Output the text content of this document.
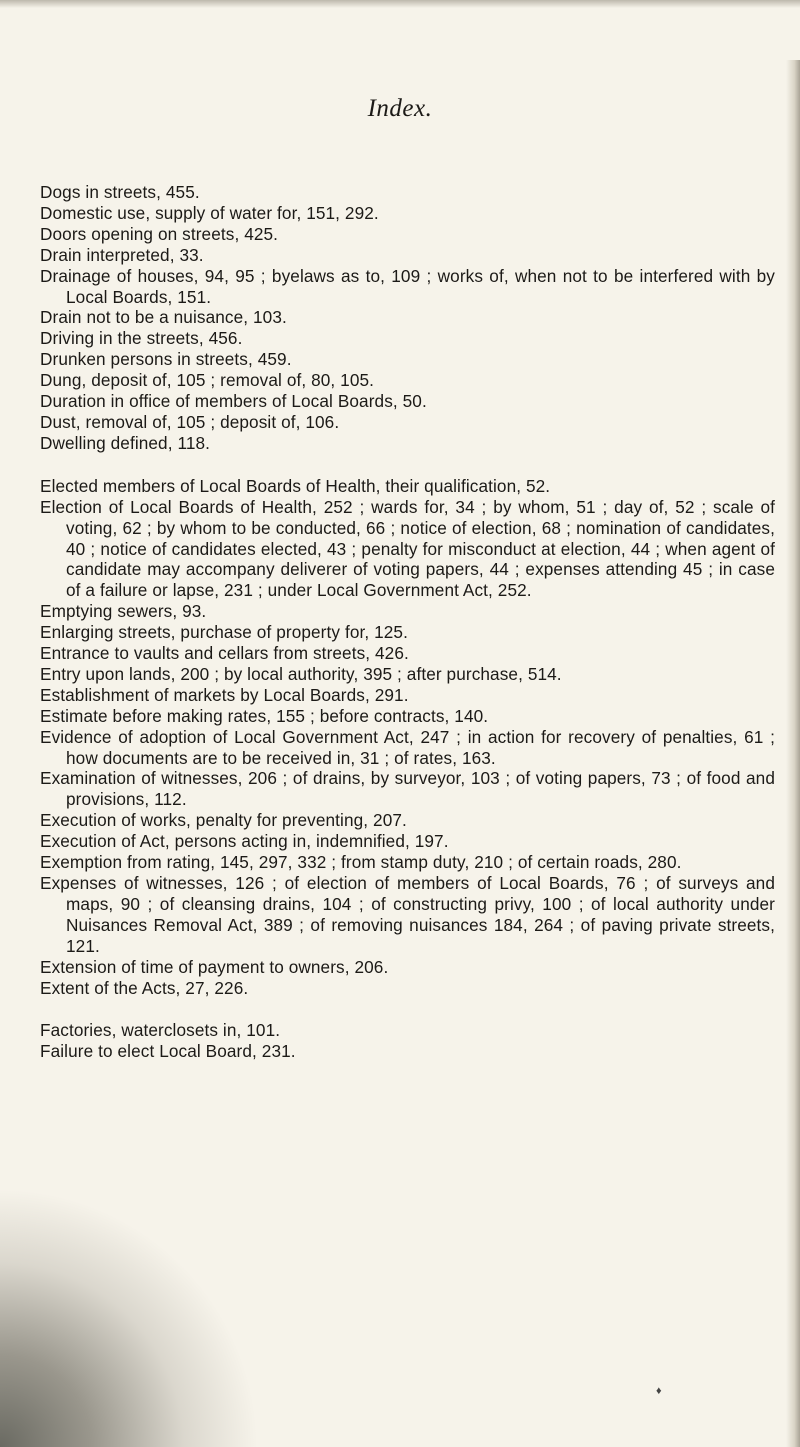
Index.
Dogs in streets, 455.
Domestic use, supply of water for, 151, 292.
Doors opening on streets, 425.
Drain interpreted, 33.
Drainage of houses, 94, 95 ; byelaws as to, 109 ; works of, when not to be interfered with by Local Boards, 151.
Drain not to be a nuisance, 103.
Driving in the streets, 456.
Drunken persons in streets, 459.
Dung, deposit of, 105 ; removal of, 80, 105.
Duration in office of members of Local Boards, 50.
Dust, removal of, 105 ; deposit of, 106.
Dwelling defined, 118.
Elected members of Local Boards of Health, their qualification, 52.
Election of Local Boards of Health, 252 ; wards for, 34 ; by whom, 51 ; day of, 52 ; scale of voting, 62 ; by whom to be conducted, 66 ; notice of election, 68 ; nomination of candidates, 40 ; notice of candidates elected, 43 ; penalty for misconduct at election, 44 ; when agent of candidate may accompany deliverer of voting papers, 44 ; expenses attending 45 ; in case of a failure or lapse, 231 ; under Local Government Act, 252.
Emptying sewers, 93.
Enlarging streets, purchase of property for, 125.
Entrance to vaults and cellars from streets, 426.
Entry upon lands, 200 ; by local authority, 395 ; after purchase, 514.
Establishment of markets by Local Boards, 291.
Estimate before making rates, 155 ; before contracts, 140.
Evidence of adoption of Local Government Act, 247 ; in action for recovery of penalties, 61 ; how documents are to be received in, 31 ; of rates, 163.
Examination of witnesses, 206 ; of drains, by surveyor, 103 ; of voting papers, 73 ; of food and provisions, 112.
Execution of works, penalty for preventing, 207.
Execution of Act, persons acting in, indemnified, 197.
Exemption from rating, 145, 297, 332 ; from stamp duty, 210 ; of certain roads, 280.
Expenses of witnesses, 126 ; of election of members of Local Boards, 76 ; of surveys and maps, 90 ; of cleansing drains, 104 ; of constructing privy, 100 ; of local authority under Nuisances Removal Act, 389 ; of removing nuisances 184, 264 ; of paving private streets, 121.
Extension of time of payment to owners, 206.
Extent of the Acts, 27, 226.
Factories, waterclosets in, 101.
Failure to elect Local Board, 231.
♦
